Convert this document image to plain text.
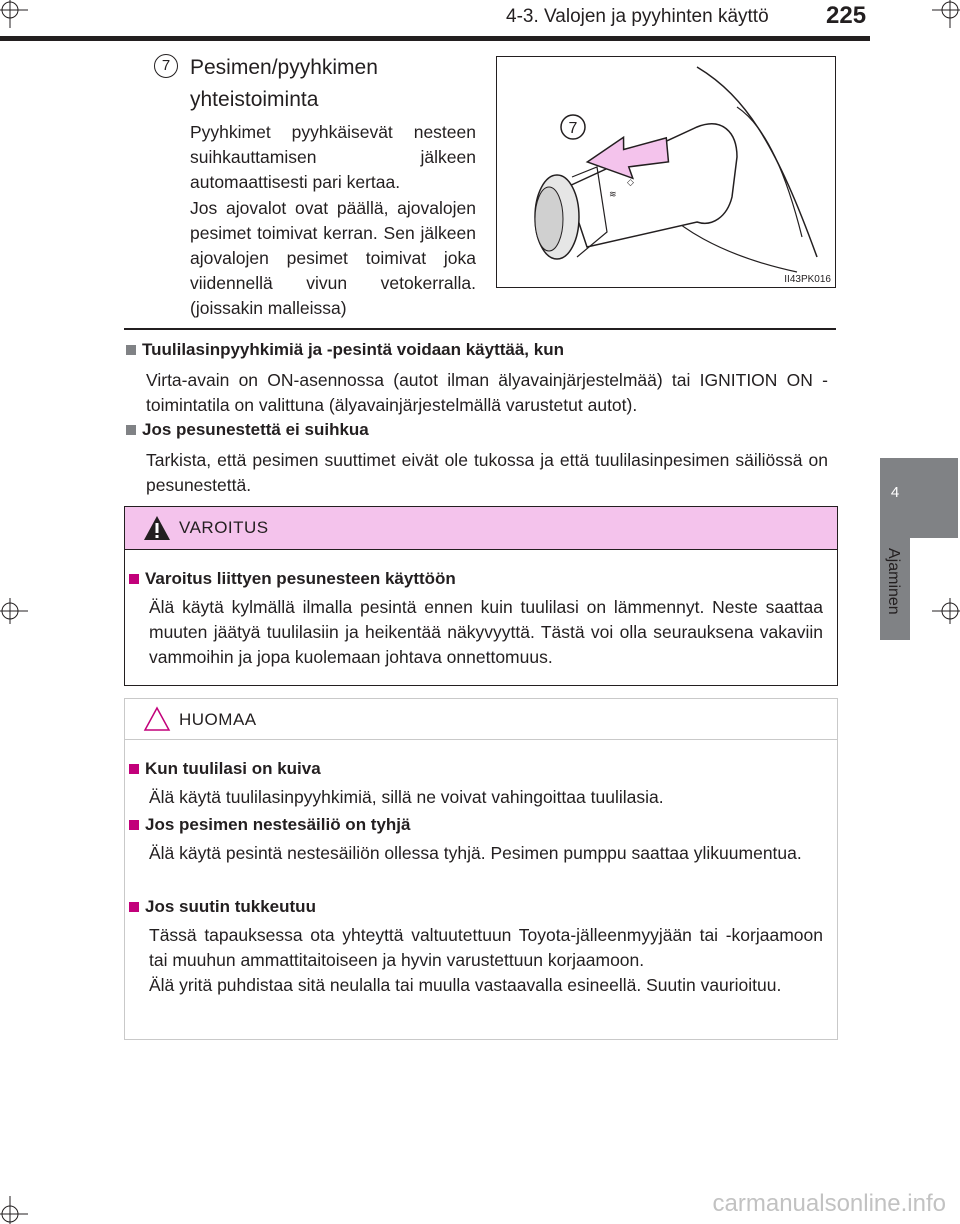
4-3. Valojen ja pyyhinten käyttö 225
4
Ajaminen
7 Pesimen/pyyhkimen yhteistoiminta
Pyyhkimet pyyhkäisevät nesteen suihkauttamisen jälkeen automaattisesti pari kertaa.
Jos ajovalot ovat päällä, ajovalojen pesimet toimivat kerran. Sen jälkeen ajovalojen pesimet toimivat joka viidennellä vivun vetokerralla. (joissakin malleissa)
7
≋
◇
II43PK016
Tuulilasinpyyhkimiä ja -pesintä voidaan käyttää, kun
Virta-avain on ON-asennossa (autot ilman älyavainjärjestelmää) tai IGNITION ON -toimintatila on valittuna (älyavainjärjestelmällä varustetut autot).
Jos pesunestettä ei suihkua
Tarkista, että pesimen suuttimet eivät ole tukossa ja että tuulilasinpesimen säiliössä on pesunestettä.
VAROITUS
Varoitus liittyen pesunesteen käyttöön
Älä käytä kylmällä ilmalla pesintä ennen kuin tuulilasi on lämmennyt. Neste saattaa muuten jäätyä tuulilasiin ja heikentää näkyvyyttä. Tästä voi olla seurauksena vakaviin vammoihin ja jopa kuolemaan johtava onnettomuus.
HUOMAA
Kun tuulilasi on kuiva
Älä käytä tuulilasinpyyhkimiä, sillä ne voivat vahingoittaa tuulilasia.
Jos pesimen nestesäiliö on tyhjä
Älä käytä pesintä nestesäiliön ollessa tyhjä. Pesimen pumppu saattaa ylikuumentua.
Jos suutin tukkeutuu
Tässä tapauksessa ota yhteyttä valtuutettuun Toyota-jälleenmyyjään tai -korjaamoon tai muuhun ammattitaitoiseen ja hyvin varustettuun korjaamoon.
Älä yritä puhdistaa sitä neulalla tai muulla vastaavalla esineellä. Suutin vaurioituu.
carmanualsonline.info
